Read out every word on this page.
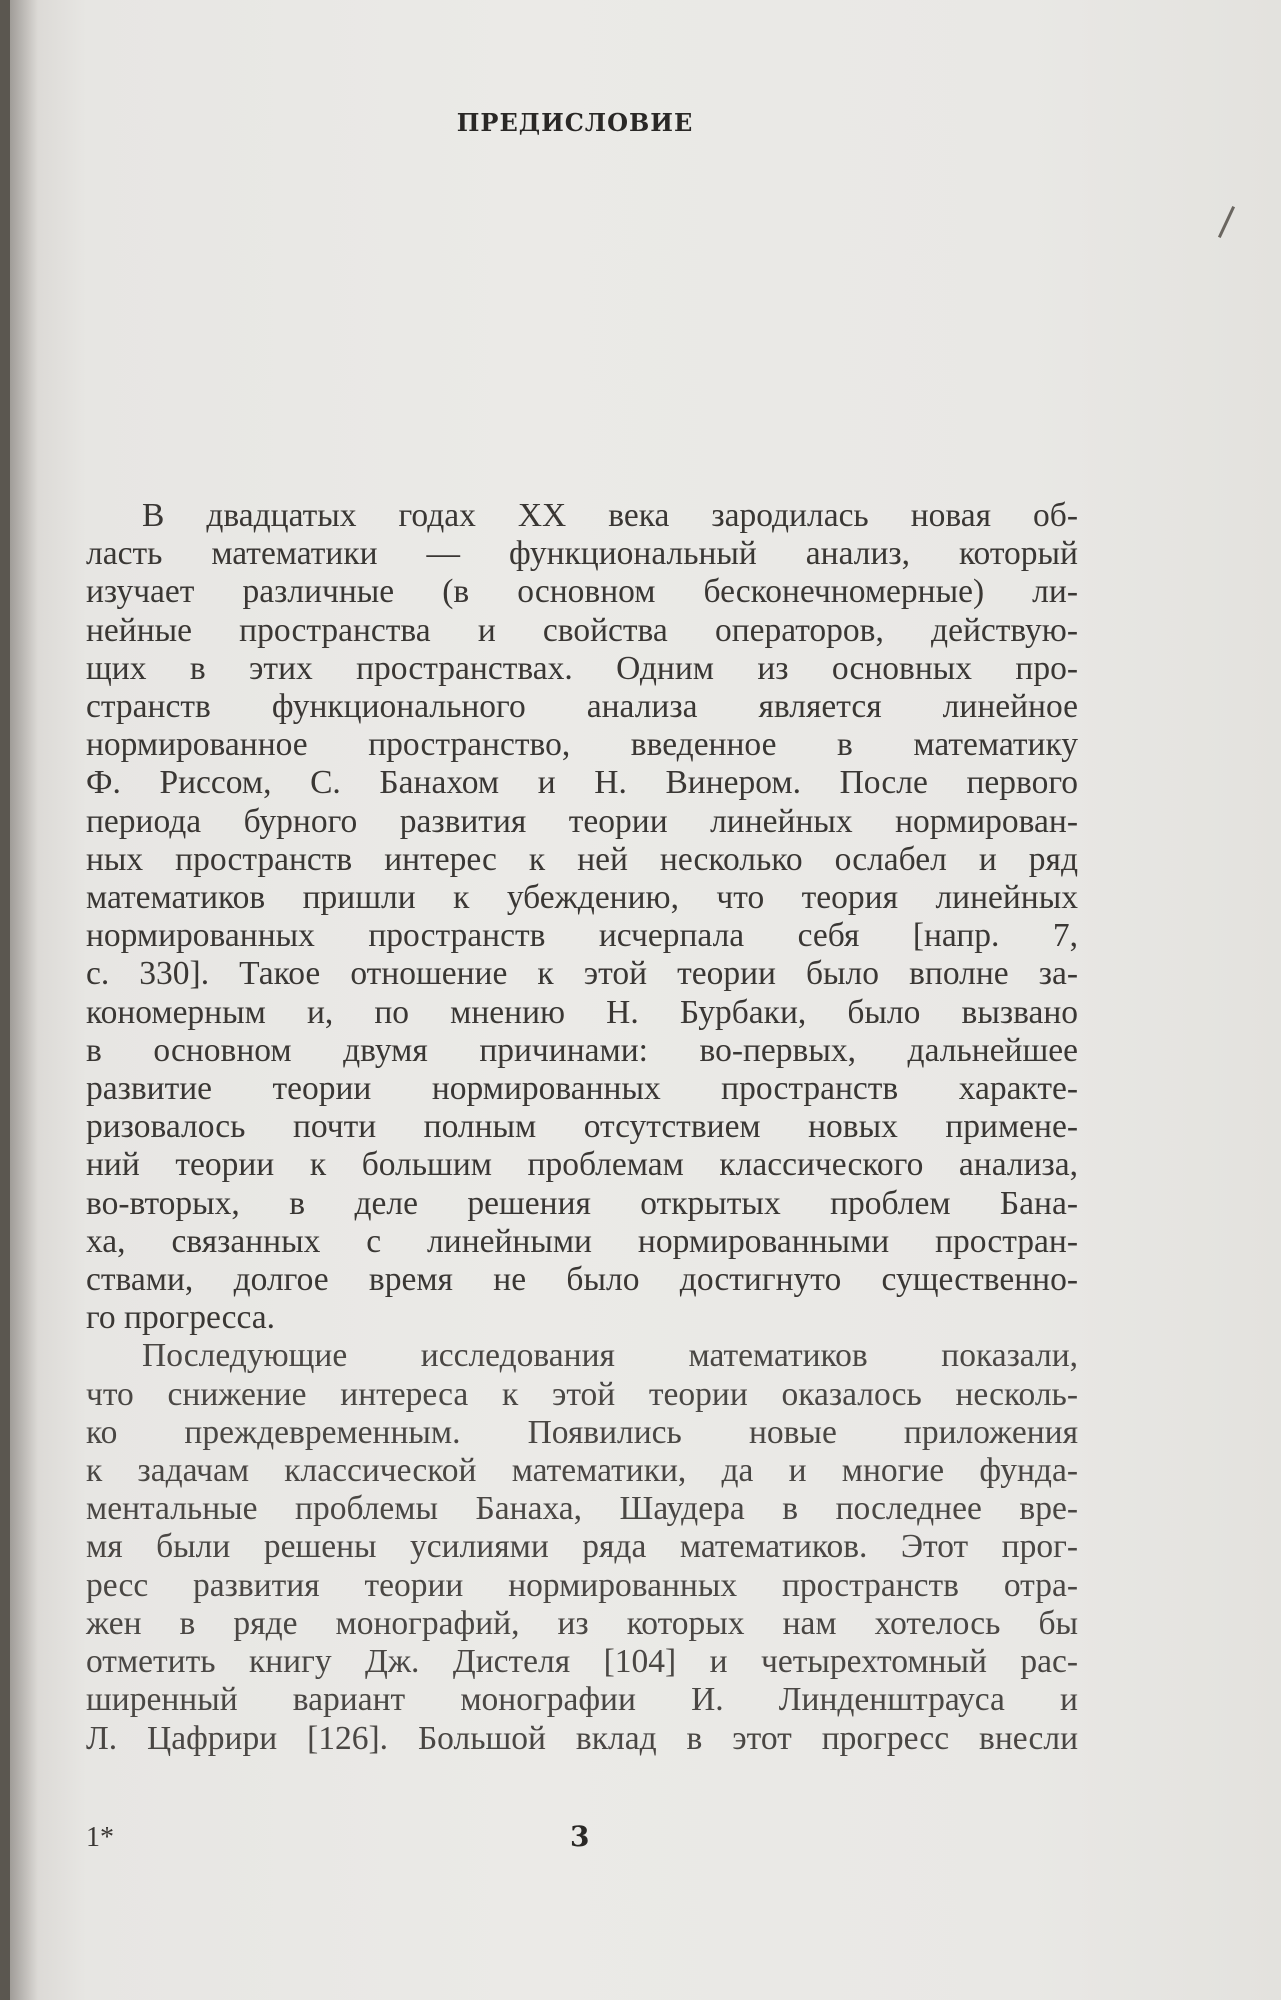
ПРЕДИСЛОВИЕ
В двадцатых годах XX века зародилась новая об-
ласть математики — функциональный анализ, который
изучает различные (в основном бесконечномерные) ли-
нейные пространства и свойства операторов, действую-
щих в этих пространствах. Одним из основных про-
странств функционального анализа является линейное
нормированное пространство, введенное в математику
Ф. Риссом, С. Банахом и Н. Винером. После первого
периода бурного развития теории линейных нормирован-
ных пространств интерес к ней несколько ослабел и ряд
математиков пришли к убеждению, что теория линейных
нормированных пространств исчерпала себя [напр. 7,
с. 330]. Такое отношение к этой теории было вполне за-
кономерным и, по мнению Н. Бурбаки, было вызвано
в основном двумя причинами: во-первых, дальнейшее
развитие теории нормированных пространств характе-
ризовалось почти полным отсутствием новых примене-
ний теории к большим проблемам классического анализа,
во-вторых, в деле решения открытых проблем Бана-
ха, связанных с линейными нормированными простран-
ствами, долгое время не было достигнуто существенно-
го прогресса.
Последующие исследования математиков показали,
что снижение интереса к этой теории оказалось несколь-
ко преждевременным. Появились новые приложения
к задачам классической математики, да и многие фунда-
ментальные проблемы Банаха, Шаудера в последнее вре-
мя были решены усилиями ряда математиков. Этот прог-
ресс развития теории нормированных пространств отра-
жен в ряде монографий, из которых нам хотелось бы
отметить книгу Дж. Дистеля [104] и четырехтомный рас-
ширенный вариант монографии И. Линденштрауса и
Л. Цафрири [126]. Большой вклад в этот прогресс внесли
1*	3
